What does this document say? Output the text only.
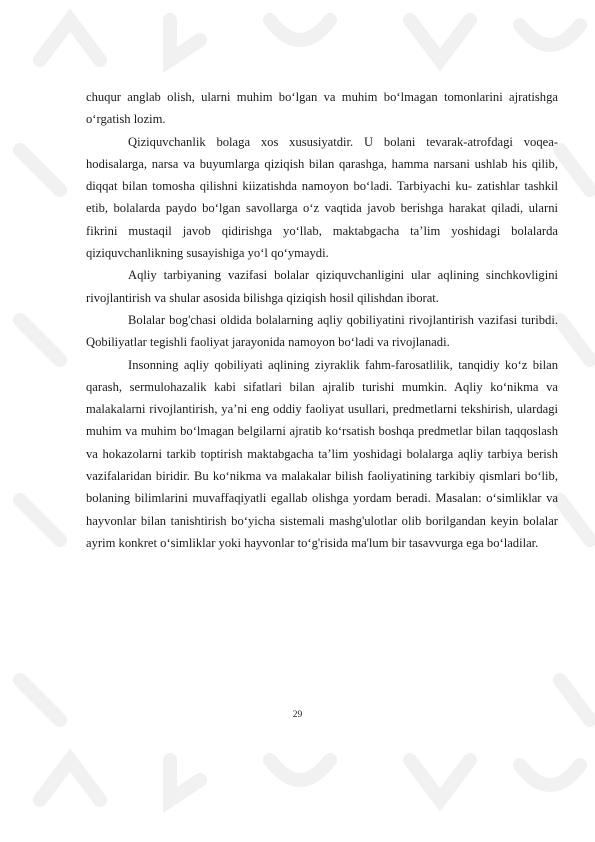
chuqur anglab olish, ularni muhim bo‘lgan va muhim bo‘lmagan tomonlarini ajratishga o‘rgatish lozim.

Qiziquvchanlik bolaga xos xususiyatdir. U bolani tevarak-atrofdagi voqea-hodisalarga, narsa va buyumlarga qiziqish bilan qarashga, hamma narsani ushlab his qilib, diqqat bilan tomosha qilishni kiizatishda namoyon bo‘ladi. Tarbiyachi ku- zatishlar tashkil etib, bolalarda paydo bo‘lgan savollarga o‘z vaqtida javob berishga harakat qiladi, ularni fikrini mustaqil javob qidirishga yo‘llab, maktabgacha ta’lim yoshidagi bolalarda qiziquvchanlikning susayishiga yo‘l qo‘ymaydi.

Aqliy tarbiyaning vazifasi bolalar qiziquvchanligini ular aqlining sinchkovligini rivojlantirish va shular asosida bilishga qiziqish hosil qilishdan iborat.

Bolalar bog'chasi oldida bolalarning aqliy qobiliyatini rivojlantirish vazifasi turibdi. Qobiliyatlar tegishli faoliyat jarayonida namoyon bo‘ladi va rivojlanadi.

Insonning aqliy qobiliyati aqlining ziyraklik fahm-farosatlilik, tanqidiy ko‘z bilan qarash, sermulohazalik kabi sifatlari bilan ajralib turishi mumkin. Aqliy ko‘nikma va malakalarni rivojlantirish, ya’ni eng oddiy faoliyat usullari, predmetlarni tekshirish, ulardagi muhim va muhim bo‘lmagan belgilarni ajratib ko‘rsatish boshqa predmetlar bilan taqqoslash va hokazolarni tarkib toptirish maktabgacha ta’lim yoshidagi bolalarga aqliy tarbiya berish vazifalaridan biridir. Bu ko‘nikma va malakalar bilish faoliyatining tarkibiy qismlari bo‘lib, bolaning bilimlarini muvaffaqiyatli egallab olishga yordam beradi. Masalan: o‘simliklar va hayvonlar bilan tanishtirish bo‘yicha sistemali mashg'ulotlar olib borilgandan keyin bolalar ayrim konkret o‘simliklar yoki hayvonlar to‘g'risida ma'lum bir tasavvurga ega bo‘ladilar.

29
